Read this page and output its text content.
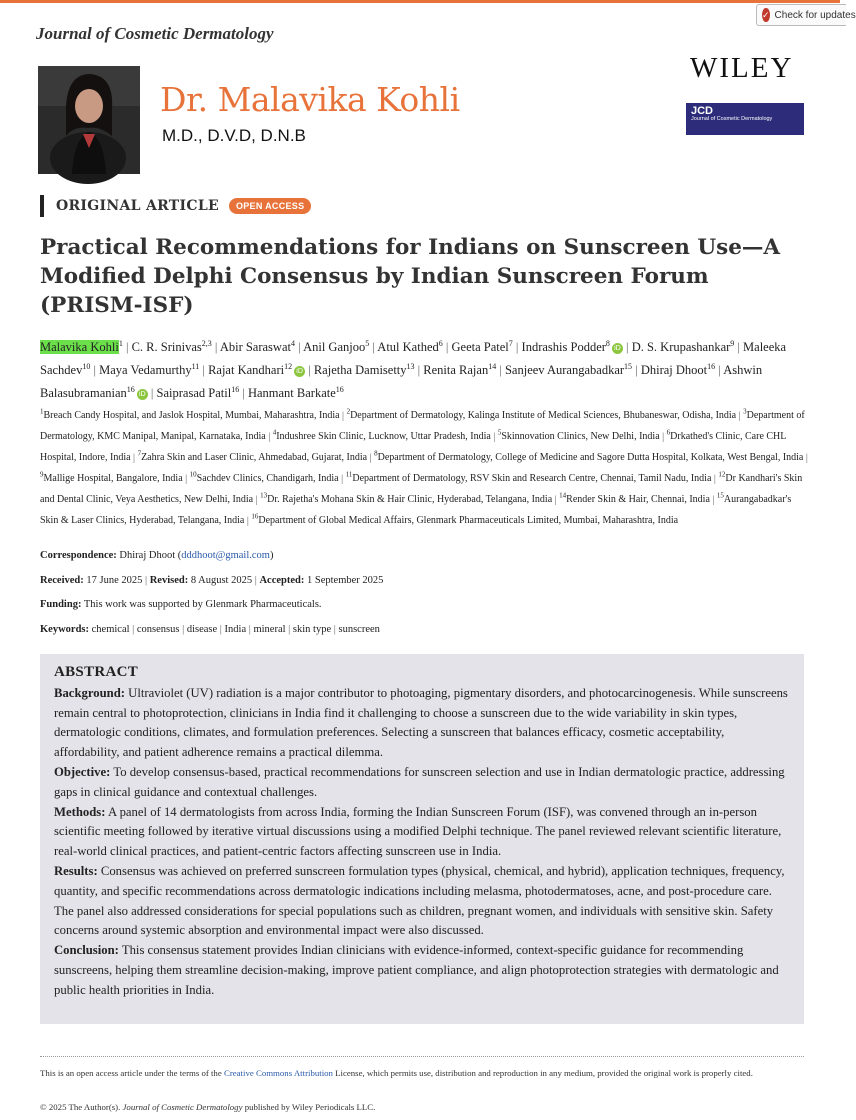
Journal of Cosmetic Dermatology
✓ Check for updates
Dr. Malavika Kohli
M.D., D.V.D, D.N.B
WILEY
JCD
Journal of Cosmetic Dermatology
ORIGINAL ARTICLE	OPEN ACCESS
Practical Recommendations for Indians on Sunscreen Use—A Modified Delphi Consensus by Indian Sunscreen Forum (PRISM-ISF)
Malavika Kohli$^1$ | C. R. Srinivas$^{2,3}$ | Abir Saraswat$^4$ | Anil Ganjoo$^5$ | Atul Kathed$^6$ | Geeta Patel$^7$ | Indrashis Podder$^8$iD | D. S. Krupashankar$^9$ | Maleeka Sachdev$^{10}$ | Maya Vedamurthy$^{11}$ | Rajat Kandhari$^{12}$iD | Rajetha Damisetty$^{13}$ | Renita Rajan$^{14}$ | Sanjeev Aurangabadkar$^{15}$ | Dhiraj Dhoot$^{16}$ | Ashwin Balasubramanian$^{16}$iD | Saiprasad Patil$^{16}$ | Hanmant Barkate$^{16}$
$^1$Breach Candy Hospital, and Jaslok Hospital, Mumbai, Maharashtra, India | $^2$Department of Dermatology, Kalinga Institute of Medical Sciences, Bhubaneswar, Odisha, India | $^3$Department of Dermatology, KMC Manipal, Manipal, Karnataka, India | $^4$Indushree Skin Clinic, Lucknow, Uttar Pradesh, India | $^5$Skinnovation Clinics, New Delhi, India | $^6$Drkathed's Clinic, Care CHL Hospital, Indore, India | $^7$Zahra Skin and Laser Clinic, Ahmedabad, Gujarat, India | $^8$Department of Dermatology, College of Medicine and Sagore Dutta Hospital, Kolkata, West Bengal, India | $^9$Mallige Hospital, Bangalore, India | $^{10}$Sachdev Clinics, Chandigarh, India | $^{11}$Department of Dermatology, RSV Skin and Research Centre, Chennai, Tamil Nadu, India | $^{12}$Dr Kandhari's Skin and Dental Clinic, Veya Aesthetics, New Delhi, India | $^{13}$Dr. Rajetha's Mohana Skin & Hair Clinic, Hyderabad, Telangana, India | $^{14}$Render Skin & Hair, Chennai, India | $^{15}$Aurangabadkar's Skin & Laser Clinics, Hyderabad, Telangana, India | $^{16}$Department of Global Medical Affairs, Glenmark Pharmaceuticals Limited, Mumbai, Maharashtra, India
Correspondence: Dhiraj Dhoot (dddhoot@gmail.com)
Received: 17 June 2025 | Revised: 8 August 2025 | Accepted: 1 September 2025
Funding: This work was supported by Glenmark Pharmaceuticals.
Keywords: chemical | consensus | disease | India | mineral | skin type | sunscreen
ABSTRACT

Background: Ultraviolet (UV) radiation is a major contributor to photoaging, pigmentary disorders, and photocarcinogenesis. While sunscreens remain central to photoprotection, clinicians in India find it challenging to choose a sunscreen due to the wide variability in skin types, dermatologic conditions, climates, and formulation preferences. Selecting a sunscreen that balances efficacy, cosmetic acceptability, affordability, and patient adherence remains a practical dilemma.

Objective: To develop consensus-based, practical recommendations for sunscreen selection and use in Indian dermatologic practice, addressing gaps in clinical guidance and contextual challenges.

Methods: A panel of 14 dermatologists from across India, forming the Indian Sunscreen Forum (ISF), was convened through an in-person scientific meeting followed by iterative virtual discussions using a modified Delphi technique. The panel reviewed relevant scientific literature, real-world clinical practices, and patient-centric factors affecting sunscreen use in India.

Results: Consensus was achieved on preferred sunscreen formulation types (physical, chemical, and hybrid), application techniques, frequency, quantity, and specific recommendations across dermatologic indications including melasma, photodermatoses, acne, and post-procedure care. The panel also addressed considerations for special populations such as children, pregnant women, and individuals with sensitive skin. Safety concerns around systemic absorption and environmental impact were also discussed.

Conclusion: This consensus statement provides Indian clinicians with evidence-informed, context-specific guidance for recommending sunscreens, helping them streamline decision-making, improve patient compliance, and align photoprotection strategies with dermatologic and public health priorities in India.

This is an open access article under the terms of the Creative Commons Attribution License, which permits use, distribution and reproduction in any medium, provided the original work is properly cited.
© 2025 The Author(s). Journal of Cosmetic Dermatology published by Wiley Periodicals LLC.
